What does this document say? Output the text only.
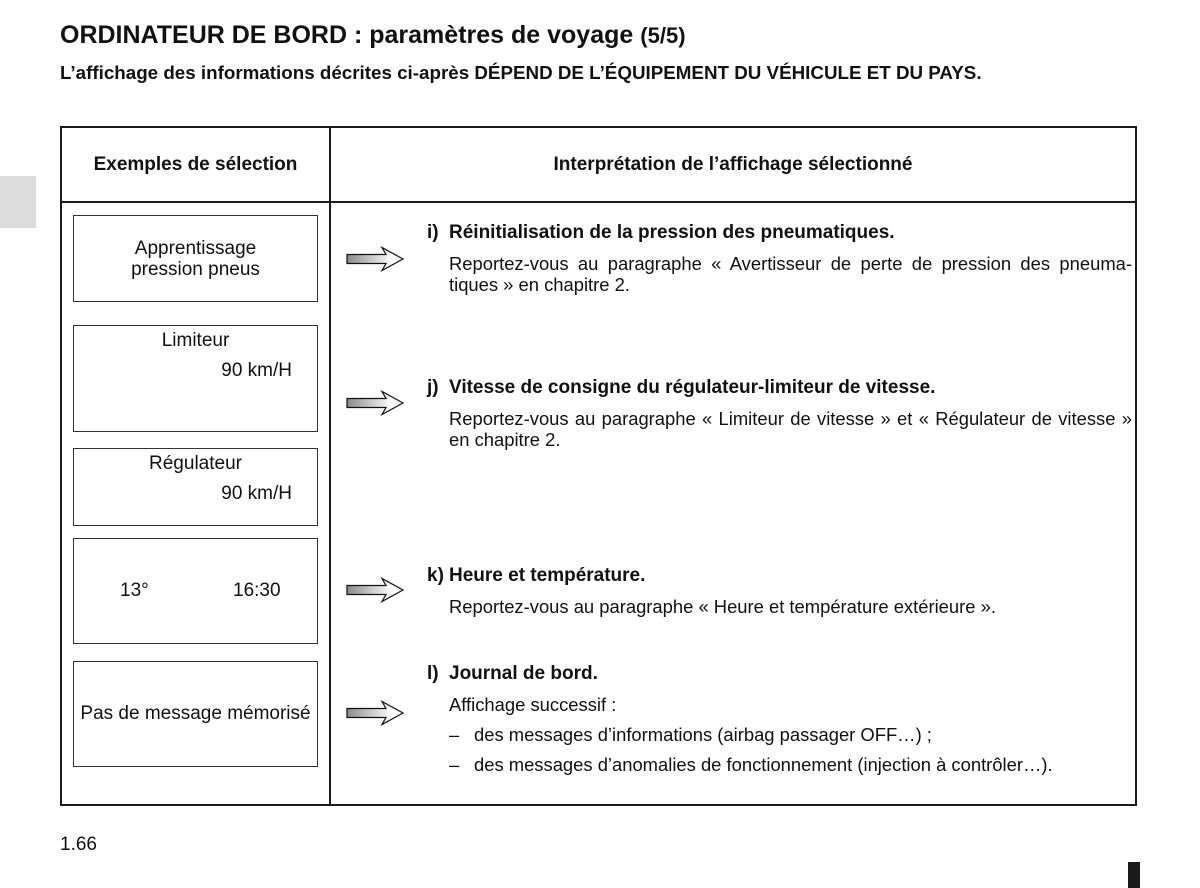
ORDINATEUR DE BORD : paramètres de voyage (5/5)
L’affichage des informations décrites ci-après DÉPEND DE L’ÉQUIPEMENT DU VÉHICULE ET DU PAYS.
Exemples de sélection	Interprétation de l’affichage sélectionné
Apprentissage
pression pneus
Limiteur
90 km/H
Régulateur
90 km/H
13°	16:30
Pas de message mémorisé
i) Réinitialisation de la pression des pneumatiques.
Reportez-vous au paragraphe « Avertisseur de perte de pression des pneuma-
tiques » en chapitre 2.
j) Vitesse de consigne du régulateur-limiteur de vitesse.
Reportez-vous au paragraphe « Limiteur de vitesse » et « Régulateur de vitesse »
en chapitre 2.
k) Heure et température.
Reportez-vous au paragraphe « Heure et température extérieure ».
l) Journal de bord.
Affichage successif :
– des messages d’informations (airbag passager OFF…) ;
– des messages d’anomalies de fonctionnement (injection à contrôler…).
1.66
